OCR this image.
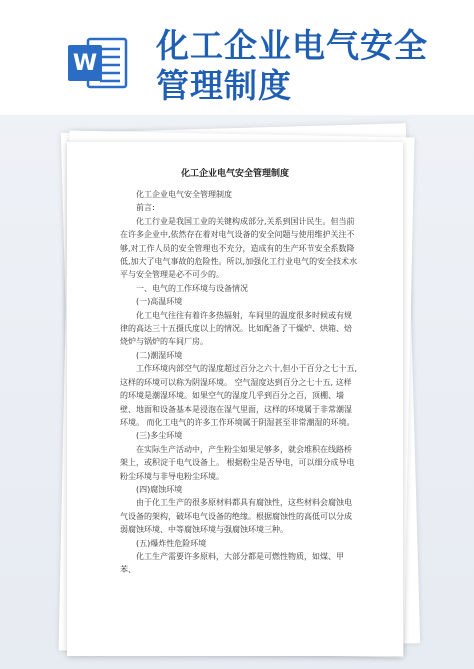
W 化工企业电气安全
管理制度
化工企业电气安全管理制度

化工企业电气安全管理制度

前言:

化工行业是我国工业的关键构成部分,关系到国计民生。但当前在许多企业中,依然存在着对电气设备的安全问题与使用维护关注不够,对工作人员的安全管理也不充分，造成有的生产环节安全系数降低,加大了电气事故的危险性。所以,加强化工行业电气的安全技术水平与安全管理是必不可少的。

一、电气的工作环境与设备情况

(一)高温环境

化工电气往往有着许多热辐射，车间里的温度很多时候或有规律的高达三十五摄氏度以上的情况。比如配备了干燥炉、烘箱、焙烧炉与锅炉的车间厂房。

(二)潮湿环境

工作环境内部空气的湿度超过百分之六十,但小于百分之七十五,这样的环境可以称为阴湿环境。 空气湿度达到百分之七十五, 这样的环境是潮湿环境。如果空气的湿度几乎到百分之百，顶棚、墙壁、地面和设备基本是浸泡在湿气里面，这样的环境属于非常潮湿环境。 而化工电气的许多工作环境属于阴湿甚至非常潮湿的环境。

(三)多尘环境

在实际生产活动中，产生粉尘如果足够多，就会堆积在线路桥架上，或积淀于电气设备上。 根据粉尘是否导电，可以细分成导电粉尘环境与非导电粉尘环境。

(四)腐蚀环境

由于化工生产的很多原材料都具有腐蚀性，这些材料会腐蚀电气设备的架构，破坏电气设备的绝缘。根据腐蚀性的高低可以分成弱腐蚀环境、中等腐蚀环境与强腐蚀环境三种。

(五)爆炸性危险环境

化工生产需要许多原料，大部分都是可燃性物质，如煤、甲苯、
